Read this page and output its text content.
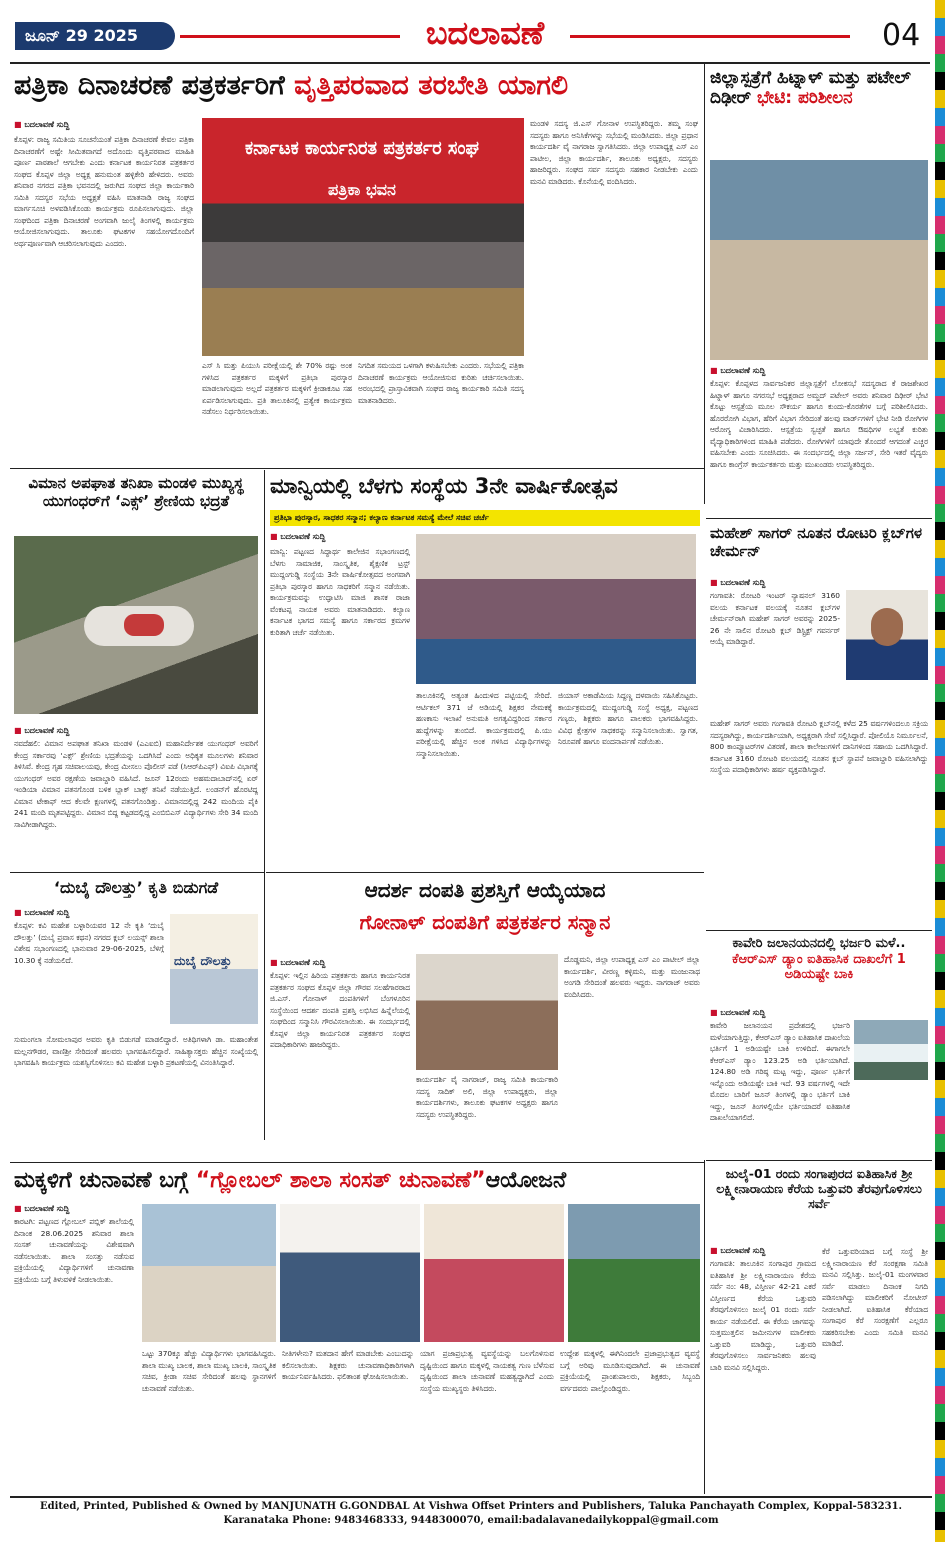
ಜೂನ್ 29 2025	ಬದಲಾವಣೆ	04
ಪತ್ರಿಕಾ ದಿನಾಚರಣೆ ಪತ್ರಕರ್ತರಿಗೆ ವೃತ್ತಿಪರವಾದ ತರಬೇತಿ ಯಾಗಲಿ
■ ಬದಲಾವಣೆ ಸುದ್ದಿ
ಕೊಪ್ಪಳ: ರಾಜ್ಯ ಸಮಿತಿಯ ಸೂಚನೆಯಂತೆ ಪತ್ರಿಕಾ ದಿನಾಚರಣೆ ಕೇವಲ ಪತ್ರಿಕಾ ದಿನಾಚರಣೆಗೆ ಅಷ್ಟೇ ಸೀಮಿತವಾಗದೆ ಅದೊಂದು ವೃತ್ತಿಪರವಾದ ಮಾಹಿತಿ ಪೂರ್ಣ ಪಾಠಶಾಲೆ ಆಗಬೇಕು ಎಂದು ಕರ್ನಾಟಕ ಕಾರ್ಯನಿರತ ಪತ್ರಕರ್ತರ ಸಂಘದ ಕೊಪ್ಪಳ ಜಿಲ್ಲಾ ಅಧ್ಯಕ್ಷ ಹನುಮಂತ ಹಳ್ಳಿಕೇರಿ ಹೇಳಿದರು. ಅವರು ಶನಿವಾರ ನಗರದ ಪತ್ರಿಕಾ ಭವನದಲ್ಲಿ ಜರುಗಿದ ಸಂಘದ ಜಿಲ್ಲಾ ಕಾರ್ಯಕಾರಿ ಸಮಿತಿ ಸದಸ್ಯರ ಸಭೆಯ ಅಧ್ಯಕ್ಷತೆ ವಹಿಸಿ ಮಾತನಾಡಿ ರಾಜ್ಯ ಸಂಘದ ಮಾರ್ಗಸೂಚಿ ಅಳವಡಿಸಿಕೊಂಡು ಕಾರ್ಯಕ್ರಮ ರೂಪಿಸಲಾಗುವುದು. ಜಿಲ್ಲಾ ಸಂಘದಿಂದ ಪತ್ರಿಕಾ ದಿನಾಚರಣೆ ಅಂಗವಾಗಿ ಜುಲೈ ತಿಂಗಳಲ್ಲಿ ಕಾರ್ಯಕ್ರಮ ಆಯೋಜಿಸಲಾಗುವುದು. ತಾಲೂಕು ಘಟಕಗಳ ಸಹಯೋಗದೊಂದಿಗೆ ಅರ್ಥಪೂರ್ಣವಾಗಿ ಆಚರಿಸಲಾಗುವುದು ಎಂದರು.
ಕರ್ನಾಟಕ ಕಾರ್ಯನಿರತ ಪತ್ರಕರ್ತರ ಸಂಘ
ಪತ್ರಿಕಾ ಭವನ
ಎಸ್ ಸಿ ಮತ್ತು ಪಿಯುಸಿ ಪರೀಕ್ಷೆಯಲ್ಲಿ ಶೇ 70% ರಷ್ಟು ಅಂಕ ಗಳಿಸಿದ ಪತ್ರಕರ್ತರ ಮಕ್ಕಳಿಗೆ ಪ್ರತಿಭಾ ಪುರಸ್ಕಾರ ಮಾಡಲಾಗುವುದು ಅಲ್ಲದೆ ಪತ್ರಕರ್ತರ ಮಕ್ಕಳಿಗೆ ಕ್ರೀಡಾಕೂಟ ಸಹ ಏರ್ಪಡಿಸಲಾಗುವುದು. ಪ್ರತಿ ತಾಲೂಕಿನಲ್ಲಿ ಪ್ರತ್ಯೇಕ ಕಾರ್ಯಕ್ರಮ ನಡೆಸಲು ನಿರ್ಧರಿಸಲಾಯಿತು.
ನಿಗದಿತ ಸಮಯದ ಒಳಗಾಗಿ ಕಳುಹಿಸಬೇಕು ಎಂದರು. ಸಭೆಯಲ್ಲಿ ಪತ್ರಿಕಾ ದಿನಾಚರಣೆ ಕಾರ್ಯಕ್ರಮ ಆಯೋಜಿಸುವ ಕುರಿತು ಚರ್ಚಿಸಲಾಯಿತು. ಅರಂಭದಲ್ಲಿ ಪ್ರಾಸ್ತಾವಿಕವಾಗಿ ಸಂಘದ ರಾಜ್ಯ ಕಾರ್ಯಕಾರಿ ಸಮಿತಿ ಸದಸ್ಯ ಮಾತನಾಡಿದರು.
ಮಂಡಳಿ ಸದಸ್ಯ ಜಿ.ಎಸ್ ಗೋನಾಳ ಉಪಸ್ಥಿತರಿದ್ದರು. ತಮ್ಮ ಸಂಘ ಸದಸ್ಯರು ಹಾಗೂ ಅನಿಸಿಕೆಗಳನ್ನು ಸಭೆಯಲ್ಲಿ ಮಂಡಿಸಿದರು. ಜಿಲ್ಲಾ ಪ್ರಧಾನ ಕಾರ್ಯದರ್ಶಿ ವೈ ನಾಗರಾಜ ಸ್ವಾಗತಿಸಿದರು. ಜಿಲ್ಲಾ ಉಪಾಧ್ಯಕ್ಷ ಎಸ್ ಎಂ ಪಾಟೀಲ, ಜಿಲ್ಲಾ ಕಾರ್ಯದರ್ಶಿ, ತಾಲೂಕು ಅಧ್ಯಕ್ಷರು, ಸದಸ್ಯರು ಹಾಜರಿದ್ದರು. ಸಂಘದ ಸರ್ವ ಸದಸ್ಯರು ಸಹಕಾರ ನೀಡಬೇಕು ಎಂದು ಮನವಿ ಮಾಡಿದರು. ಕೊನೆಯಲ್ಲಿ ವಂದಿಸಿದರು.
ಜಿಲ್ಲಾಸ್ಪತ್ರೆಗೆ ಹಿಟ್ನಾಳ್ ಮತ್ತು ಪಟೇಲ್ ದಿಢೀರ್ ಭೇಟಿ: ಪರಿಶೀಲನ
■ ಬದಲಾವಣೆ ಸುದ್ದಿ
ಕೊಪ್ಪಳ: ಕೊಪ್ಪಳದ ಸಾರ್ವಜನಿಕರ ಜಿಲ್ಲಾಸ್ಪತ್ರೆಗೆ ಲೋಕಸಭೆ ಸದಸ್ಯರಾದ ಕೆ ರಾಜಶೇಖರ ಹಿಟ್ನಾಳ್ ಹಾಗೂ ನಗರಸಭೆ ಅಧ್ಯಕ್ಷರಾದ ಅಮ್ಜದ್ ಪಟೇಲ್ ಅವರು ಶನಿವಾರ ದಿಢೀರ್ ಭೇಟಿ ಕೊಟ್ಟು ಆಸ್ಪತ್ರೆಯ ಮೂಲ ಸೌಕರ್ಯ ಹಾಗೂ ಕುಂದು-ಕೊರತೆಗಳ ಬಗ್ಗೆ ಪರಿಶೀಲಿಸಿದರು. ಹೊರರೋಗಿ ವಿಭಾಗ, ಹೆರಿಗೆ ವಿಭಾಗ ಸೇರಿದಂತೆ ಹಲವು ವಾರ್ಡ್‌ಗಳಿಗೆ ಭೇಟಿ ನೀಡಿ ರೋಗಿಗಳ ಆರೋಗ್ಯ ವಿಚಾರಿಸಿದರು. ಆಸ್ಪತ್ರೆಯ ಸ್ವಚ್ಛತೆ ಹಾಗೂ ಔಷಧಿಗಳ ಲಭ್ಯತೆ ಕುರಿತು ವೈದ್ಯಾಧಿಕಾರಿಗಳಿಂದ ಮಾಹಿತಿ ಪಡೆದರು. ರೋಗಿಗಳಿಗೆ ಯಾವುದೇ ತೊಂದರೆ ಆಗದಂತೆ ಎಚ್ಚರ ವಹಿಸಬೇಕು ಎಂದು ಸೂಚಿಸಿದರು. ಈ ಸಂದರ್ಭದಲ್ಲಿ ಜಿಲ್ಲಾ ಸರ್ಜನ್, ಸೇರಿ ಇತರೆ ವೈದ್ಯರು ಹಾಗೂ ಕಾಂಗ್ರೆಸ್ ಕಾರ್ಯಕರ್ತರು ಮತ್ತು ಮುಖಂಡರು ಉಪಸ್ಥಿತರಿದ್ದರು.
ವಿಮಾನ ಅಪಘಾತ ತನಿಖಾ ಮಂಡಳಿ ಮುಖ್ಯಸ್ಥ ಯುಗಂಧರ್‌ಗೆ ‘ಎಕ್ಸ್’ ಶ್ರೇಣಿಯ ಭದ್ರತೆ
■ ಬದಲಾವಣೆ ಸುದ್ದಿ
ನವದೆಹಲಿ: ವಿಮಾನ ಅಪಘಾತ ತನಿಖಾ ಮಂಡಳಿ (ಎಎಐಬಿ) ಮಹಾನಿರ್ದೇಶಕ ಯುಗಂಧರ್ ಅವರಿಗೆ ಕೇಂದ್ರ ಸರ್ಕಾರವು ‘ಎಕ್ಸ್’ ಶ್ರೇಣಿಯ ಭದ್ರತೆಯನ್ನು ಒದಗಿಸಿದೆ ಎಂದು ಅಧಿಕೃತ ಮೂಲಗಳು ಶನಿವಾರ ತಿಳಿಸಿವೆ. ಕೇಂದ್ರ ಗೃಹ ಸಚಿವಾಲಯವು, ಕೇಂದ್ರ ಮೀಸಲು ಪೊಲೀಸ್ ಪಡೆ (ಸಿಆರ್‌ಪಿಎಫ್) ವಿಐಪಿ ವಿಭಾಗಕ್ಕೆ ಯುಗಂಧರ್ ಅವರ ರಕ್ಷಣೆಯ ಜವಾಬ್ದಾರಿ ವಹಿಸಿದೆ. ಜೂನ್ 12ರಂದು ಅಹಮದಾಬಾದ್‌ನಲ್ಲಿ ಏರ್ ಇಂಡಿಯಾ ವಿಮಾನ ಪತನಗೊಂಡ ಬಳಿಕ ಬ್ಲಾಕ್ ಬಾಕ್ಸ್ ತನಿಖೆ ನಡೆಯುತ್ತಿದೆ. ಲಂಡನ್‌ಗೆ ಹೊರಟಿದ್ದ ವಿಮಾನ ಟೇಕಾಫ್ ಆದ ಕೆಲವೇ ಕ್ಷಣಗಳಲ್ಲಿ ಪತನಗೊಂಡಿತ್ತು. ವಿಮಾನದಲ್ಲಿದ್ದ 242 ಮಂದಿಯ ಪೈಕಿ 241 ಮಂದಿ ಮೃತಪಟ್ಟಿದ್ದರು. ವಿಮಾನ ಬಿದ್ದ ಕಟ್ಟಡದಲ್ಲಿದ್ದ ಎಂಬಿಬಿಎಸ್ ವಿದ್ಯಾರ್ಥಿಗಳು ಸೇರಿ 34 ಮಂದಿ ಸಾವಿಗೀಡಾಗಿದ್ದರು.
ಮಾನ್ವಿಯಲ್ಲಿ ಬೆಳಗು ಸಂಸ್ಥೆಯ 3ನೇ ವಾರ್ಷಿಕೋತ್ಸವ
ಪ್ರತಿಭಾ ಪುರಸ್ಕಾರ, ಸಾಧಕರ ಸನ್ಮಾನ; ಕಲ್ಯಾಣ ಕರ್ನಾಟಕ ಸಮಸ್ಯೆ ಮೇಲೆ ಸಚಿವ ಚರ್ಚೆ
■ ಬದಲಾವಣೆ ಸುದ್ದಿ
ಮಾನ್ವಿ: ಪಟ್ಟಣದ ಸಿದ್ಧಾರ್ಥ ಕಾಲೇಜಿನ ಸಭಾಂಗಣದಲ್ಲಿ ಬೆಳಗು ಸಾಮಾಜಿಕ, ಸಾಂಸ್ಕೃತಿಕ, ಶೈಕ್ಷಣಿಕ ಟ್ರಸ್ಟ್ ಮುದ್ದಂಗುಡ್ಡಿ ಸಂಸ್ಥೆಯ 3ನೇ ವಾರ್ಷಿಕೋತ್ಸವದ ಅಂಗವಾಗಿ ಪ್ರತಿಭಾ ಪುರಸ್ಕಾರ ಹಾಗೂ ಸಾಧಕರಿಗೆ ಸನ್ಮಾನ ನಡೆಯಿತು. ಕಾರ್ಯಕ್ರಮವನ್ನು ಉದ್ಘಾಟಿಸಿ ಮಾಜಿ ಶಾಸಕ ರಾಜಾ ವೆಂಕಟಪ್ಪ ನಾಯಕ ಅವರು ಮಾತನಾಡಿದರು. ಕಲ್ಯಾಣ ಕರ್ನಾಟಕ ಭಾಗದ ಸಮಸ್ಯೆ ಹಾಗೂ ಸರ್ಕಾರದ ಕ್ರಮಗಳ ಕುರಿತಾಗಿ ಚರ್ಚೆ ನಡೆಯಿತು.
ತಾಲೂಕಿನಲ್ಲಿ ಅತ್ಯಂತ ಹಿಂದುಳಿದ ಪಟ್ಟಿಯಲ್ಲಿ ಸೇರಿದೆ. ಆರ್ಟಿಕಲ್ 371 ಜೆ ಅಡಿಯಲ್ಲಿ ಶಿಕ್ಷಕರ ನೇಮಕಕ್ಕೆ ಹಣಕಾಸು ಇಲಾಖೆ ಅನುಮತಿ ಅಗತ್ಯವಿದ್ದರಿಂದ ಸರ್ಕಾರ ಹುದ್ದೆಗಳನ್ನು ತುಂಬಿದೆ. ಕಾರ್ಯಕ್ರಮದಲ್ಲಿ ಪಿ.ಯು ಪರೀಕ್ಷೆಯಲ್ಲಿ ಹೆಚ್ಚಿನ ಅಂಕ ಗಳಿಸಿದ ವಿದ್ಯಾರ್ಥಿಗಳನ್ನು ಸನ್ಮಾನಿಸಲಾಯಿತು.
ಜಿಯಾಸ್ ಅಕಾಡೆಮಿಯ ಸಿದ್ದಣ್ಣ ದಳವಾಯಿ ಸಹಿಸಿಕೊಟ್ಟರು. ಕಾರ್ಯಕ್ರಮದಲ್ಲಿ ಮುದ್ದಂಗುಡ್ಡಿ ಸಂಸ್ಥೆ ಅಧ್ಯಕ್ಷ, ಪಟ್ಟಣದ ಗಣ್ಯರು, ಶಿಕ್ಷಕರು ಹಾಗೂ ಪಾಲಕರು ಭಾಗವಹಿಸಿದ್ದರು. ವಿವಿಧ ಕ್ಷೇತ್ರಗಳ ಸಾಧಕರನ್ನು ಸನ್ಮಾನಿಸಲಾಯಿತು. ಸ್ವಾಗತ, ನಿರೂಪಣೆ ಹಾಗೂ ವಂದನಾರ್ಪಣೆ ನಡೆಯಿತು.
ಮಹೇಶ್ ಸಾಗರ್ ನೂತನ ರೋಟರಿ ಕ್ಲಬ್‌ಗಳ ಚೇರ್ಮನ್
■ ಬದಲಾವಣೆ ಸುದ್ದಿ
ಗಂಗಾವತಿ: ರೋಟರಿ ಇಂಟರ್ ನ್ಯಾಷನಲ್ 3160 ವಲಯ ಕರ್ನಾಟಕ ವಲಯಕ್ಕೆ ನೂತನ ಕ್ಲಬ್‌ಗಳ ಚೇರ್ಮನ್‌ರಾಗಿ ಮಹೇಶ್ ಸಾಗರ್ ಅವರನ್ನು 2025-26 ನೇ ಸಾಲಿನ ರೋಟರಿ ಕ್ಲಬ್ ಡಿಸ್ಟ್ರಿಕ್ಟ್ ಗವರ್ನರ್ ಆಯ್ಕೆ ಮಾಡಿದ್ದಾರೆ.
ಮಹೇಶ್ ಸಾಗರ್ ಅವರು ಗಂಗಾವತಿ ರೋಟರಿ ಕ್ಲಬ್‌ನಲ್ಲಿ ಕಳೆದ 25 ವರ್ಷಗಳಿಂದಲೂ ಸಕ್ರಿಯ ಸದಸ್ಯರಾಗಿದ್ದು, ಕಾರ್ಯದರ್ಶಿಯಾಗಿ, ಅಧ್ಯಕ್ಷರಾಗಿ ಸೇವೆ ಸಲ್ಲಿಸಿದ್ದಾರೆ. ಪೋಲಿಯೊ ನಿರ್ಮೂಲನೆ, 800 ಕಾಂಪ್ಯೂಟರ್‌ಗಳ ವಿತರಣೆ, ಶಾಲಾ ಕಾಲೇಜುಗಳಿಗೆ ದಾನಿಗಳಿಂದ ಸಹಾಯ ಒದಗಿಸಿದ್ದಾರೆ. ಕರ್ನಾಟಕ 3160 ರೋಟರಿ ವಲಯದಲ್ಲಿ ನೂತನ ಕ್ಲಬ್ ಸ್ಥಾಪನೆ ಜವಾಬ್ದಾರಿ ವಹಿಸಲಾಗಿದ್ದು ಸಂಸ್ಥೆಯ ಪದಾಧಿಕಾರಿಗಳು ಹರ್ಷ ವ್ಯಕ್ತಪಡಿಸಿದ್ದಾರೆ.
ಕಾವೇರಿ ಜಲಾನಯನದಲ್ಲಿ ಭರ್ಜರಿ ಮಳೆ.. ಕೆಆರ್‌ಎಸ್ ಡ್ಯಾಂ ಐತಿಹಾಸಿಕ ದಾಖಲೆಗೆ 1 ಅಡಿಯಷ್ಟೇ ಬಾಕಿ
■ ಬದಲಾವಣೆ ಸುದ್ದಿ
ಕಾವೇರಿ ಜಲಾನಯನ ಪ್ರದೇಶದಲ್ಲಿ ಭರ್ಜರಿ ಮಳೆಯಾಗುತ್ತಿದ್ದು, ಕೆಆರ್‌ಎಸ್ ಡ್ಯಾಂ ಐತಿಹಾಸಿಕ ದಾಖಲೆಯ ಭರ್ತಿಗೆ 1 ಅಡಿಯಷ್ಟೇ ಬಾಕಿ ಉಳಿದಿದೆ. ಈಗಾಗಲೇ ಕೆಆರ್‌ಎಸ್ ಡ್ಯಾಂ 123.25 ಅಡಿ ಭರ್ತಿಯಾಗಿದೆ. 124.80 ಅಡಿ ಗರಿಷ್ಠ ಮಟ್ಟ ಇದ್ದು, ಪೂರ್ಣ ಭರ್ತಿಗೆ ಇನ್ನೊಂದು ಅಡಿಯಷ್ಟೇ ಬಾಕಿ ಇದೆ. 93 ವರ್ಷಗಳಲ್ಲಿ ಇದೇ ಮೊದಲ ಬಾರಿಗೆ ಜೂನ್ ತಿಂಗಳಲ್ಲಿ ಡ್ಯಾಂ ಭರ್ತಿಗೆ ಬಾಕಿ ಇದ್ದು, ಜೂನ್ ತಿಂಗಳಲ್ಲಿಯೇ ಭರ್ತಿಯಾದರೆ ಐತಿಹಾಸಿಕ ದಾಖಲೆಯಾಗಲಿದೆ.
‘ದುಬೈ ದೌಲತ್ತು’ ಕೃತಿ ಬಿಡುಗಡೆ
■ ಬದಲಾವಣೆ ಸುದ್ದಿ
ಕೊಪ್ಪಳ: ಕವಿ ಮಹೇಶ ಬಳ್ಳಾರಿಯವರ 12 ನೇ ಕೃತಿ ‘ದುಬೈ ದೌಲತ್ತು’ (ದುಬೈ ಪ್ರವಾಸ ಕಥನ) ನಗರದ ಕ್ಲಬ್ ಲಯನ್ಸ್ ಶಾಲಾ ವಿಶೇಷ ಸಭಾಂಗಣದಲ್ಲಿ ಭಾನುವಾರ 29-06-2025, ಬೆಳಿಗ್ಗೆ 10.30 ಕ್ಕೆ ನಡೆಯಲಿದೆ.	ದುಬೈ ದೌಲತ್ತು
ಸುಮಂಗಲಾ ಸೋಮಲಾಪುರ ಅವರು ಕೃತಿ ಬಿಡುಗಡೆ ಮಾಡಲಿದ್ದಾರೆ. ಅತಿಥಿಗಳಾಗಿ ಡಾ. ಮಹಾಂತೇಶ ಮಲ್ಲನಗೌಡರ, ವಾಣಿಶ್ರೀ ಸೇರಿದಂತೆ ಹಲವರು ಭಾಗವಹಿಸಲಿದ್ದಾರೆ. ಸಾಹಿತ್ಯಾಸಕ್ತರು ಹೆಚ್ಚಿನ ಸಂಖ್ಯೆಯಲ್ಲಿ ಭಾಗವಹಿಸಿ ಕಾರ್ಯಕ್ರಮ ಯಶಸ್ವಿಗೊಳಿಸಲು ಕವಿ ಮಹೇಶ ಬಳ್ಳಾರಿ ಪ್ರಕಟಣೆಯಲ್ಲಿ ವಿನಂತಿಸಿದ್ದಾರೆ.
ಆದರ್ಶ ದಂಪತಿ ಪ್ರಶಸ್ತಿಗೆ ಆಯ್ಕೆಯಾದ
ಗೋನಾಳ್ ದಂಪತಿಗೆ ಪತ್ರಕರ್ತರ ಸನ್ಮಾನ
■ ಬದಲಾವಣೆ ಸುದ್ದಿ
ಕೊಪ್ಪಳ: ಇಲ್ಲಿನ ಹಿರಿಯ ಪತ್ರಕರ್ತರು ಹಾಗೂ ಕಾರ್ಯನಿರತ ಪತ್ರಕರ್ತರ ಸಂಘದ ಕೊಪ್ಪಳ ಜಿಲ್ಲಾ ಗೌರವ ಸಲಹೆಗಾರರಾದ ಜಿ.ಎಸ್. ಗೋನಾಳ್ ದಂಪತಿಗಳಿಗೆ ಬೆಂಗಳೂರಿನ ಸಂಸ್ಥೆಯಿಂದ ಆದರ್ಶ ದಂಪತಿ ಪ್ರಶಸ್ತಿ ಲಭಿಸಿದ ಹಿನ್ನೆಲೆಯಲ್ಲಿ ಸಂಘದಿಂದ ಸನ್ಮಾನಿಸಿ ಗೌರವಿಸಲಾಯಿತು. ಈ ಸಂದರ್ಭದಲ್ಲಿ ಕೊಪ್ಪಳ ಜಿಲ್ಲಾ ಕಾರ್ಯನಿರತ ಪತ್ರಕರ್ತರ ಸಂಘದ ಪದಾಧಿಕಾರಿಗಳು ಹಾಜರಿದ್ದರು.
ಕಾರ್ಯದರ್ಶಿ ವೈ ನಾಗರಾಜ್, ರಾಜ್ಯ ಸಮಿತಿ ಕಾರ್ಯಕಾರಿ ಸದಸ್ಯ ಸಾದಿಕ್ ಅಲಿ, ಜಿಲ್ಲಾ ಉಪಾಧ್ಯಕ್ಷರು, ಜಿಲ್ಲಾ ಕಾರ್ಯದರ್ಶಿಗಳು, ತಾಲೂಕು ಘಟಕಗಳ ಅಧ್ಯಕ್ಷರು ಹಾಗೂ ಸದಸ್ಯರು ಉಪಸ್ಥಿತರಿದ್ದರು.
ದೊಡ್ಡಮನಿ, ಜಿಲ್ಲಾ ಉಪಾಧ್ಯಕ್ಷ ಎಸ್ ಎಂ ಪಾಟೀಲ್ ಜಿಲ್ಲಾ ಕಾರ್ಯದರ್ಶಿ, ವೀರಣ್ಣ ಕಳ್ಳಿಮನಿ, ಮತ್ತು ಮಂಜುನಾಥ ಅಂಗಡಿ ಸೇರಿದಂತೆ ಹಲವರು ಇದ್ದರು. ನಾಗರಾಜ್ ಅವರು ವಂದಿಸಿದರು.
ಮಕ್ಕಳಿಗೆ ಚುನಾವಣೆ ಬಗ್ಗೆ “ಗ್ಲೋಬಲ್ ಶಾಲಾ ಸಂಸತ್ ಚುನಾವಣೆ”ಆಯೋಜನೆ
■ ಬದಲಾವಣೆ ಸುದ್ದಿ
ಕಾರಟಗಿ: ಪಟ್ಟಣದ ಗ್ಲೋಬಲ್ ಪಬ್ಲಿಕ್ ಶಾಲೆಯಲ್ಲಿ ದಿನಾಂಕ 28.06.2025 ಶನಿವಾರ ಶಾಲಾ ಸಂಸತ್ ಚುನಾವಣೆಯನ್ನು ವಿಶೇಷವಾಗಿ ನಡೆಸಲಾಯಿತು. ಶಾಲಾ ಸಂಸತ್ತು ನಡೆಸುವ ಪ್ರಕ್ರಿಯೆಯಲ್ಲಿ ವಿದ್ಯಾರ್ಥಿಗಳಿಗೆ ಚುನಾವಣಾ ಪ್ರಕ್ರಿಯೆಯ ಬಗ್ಗೆ ತಿಳುವಳಿಕೆ ನೀಡಲಾಯಿತು.
ಒಟ್ಟು 370ಕ್ಕೂ ಹೆಚ್ಚು ವಿದ್ಯಾರ್ಥಿಗಳು ಭಾಗವಹಿಸಿದ್ದರು. ಶಾಲಾ ಮುಖ್ಯ ಬಾಲಕ, ಶಾಲಾ ಮುಖ್ಯ ಬಾಲಕಿ, ಸಾಂಸ್ಕೃತಿಕ ಸಚಿವ, ಕ್ರೀಡಾ ಸಚಿವ ಸೇರಿದಂತೆ ಹಲವು ಸ್ಥಾನಗಳಿಗೆ ಚುನಾವಣೆ ನಡೆಯಿತು.
ನೀತಿಗಳೇನು? ಮತದಾನ ಹೇಗೆ ಮಾಡಬೇಕು ಎಂಬುದನ್ನು ಕಲಿಸಲಾಯಿತು. ಶಿಕ್ಷಕರು ಚುನಾವಣಾಧಿಕಾರಿಗಳಾಗಿ ಕಾರ್ಯನಿರ್ವಹಿಸಿದರು. ಫಲಿತಾಂಶ ಘೋಷಿಸಲಾಯಿತು.
ಯಾಗ ಪ್ರಜಾಪ್ರಭುತ್ವ ವ್ಯವಸ್ಥೆಯನ್ನು ಬಲಗೊಳಿಸುವ ದೃಷ್ಟಿಯಿಂದ ಹಾಗೂ ಮಕ್ಕಳಲ್ಲಿ ನಾಯಕತ್ವ ಗುಣ ಬೆಳೆಸುವ ದೃಷ್ಟಿಯಿಂದ ಶಾಲಾ ಚುನಾವಣೆ ಮಹತ್ವದ್ದಾಗಿದೆ ಎಂದು ಸಂಸ್ಥೆಯ ಮುಖ್ಯಸ್ಥರು ತಿಳಿಸಿದರು.
ಉದ್ದೇಶ ಮಕ್ಕಳಲ್ಲಿ ಈಗಿನಿಂದಲೇ ಪ್ರಜಾಪ್ರಭುತ್ವದ ವ್ಯವಸ್ಥೆ ಬಗ್ಗೆ ಅರಿವು ಮೂಡಿಸುವುದಾಗಿದೆ. ಈ ಚುನಾವಣೆ ಪ್ರಕ್ರಿಯೆಯಲ್ಲಿ ಪ್ರಾಂಶುಪಾಲರು, ಶಿಕ್ಷಕರು, ಸಿಬ್ಬಂದಿ ವರ್ಗದವರು ಪಾಲ್ಗೊಂಡಿದ್ದರು.
ಜುಲೈ-01 ರಂದು ಸಂಗಾಪುರದ ಐತಿಹಾಸಿಕ ಶ್ರೀ ಲಕ್ಷ್ಮೀನಾರಾಯಣ ಕೆರೆಯ ಒತ್ತುವರಿ ತೆರವುಗೊಳಿಸಲು ಸರ್ವೆ
■ ಬದಲಾವಣೆ ಸುದ್ದಿ
ಗಂಗಾವತಿ: ತಾಲೂಕಿನ ಸಂಗಾಪುರ ಗ್ರಾಮದ ಐತಿಹಾಸಿಕ ಶ್ರೀ ಲಕ್ಷ್ಮೀನಾರಾಯಣ ಕೆರೆಯ ಸರ್ವೆ ನಂ: 48, ವಿಸ್ತೀರ್ಣ 42-21 ಎಕರೆ ವಿಸ್ತೀರ್ಣದ ಕೆರೆಯ ಒತ್ತುವರಿ ತೆರವುಗೊಳಿಸಲು ಜುಲೈ 01 ರಂದು ಸರ್ವೆ ಕಾರ್ಯ ನಡೆಯಲಿದೆ. ಈ ಕೆರೆಯ ಜಾಗವನ್ನು ಸುತ್ತಮುತ್ತಲಿನ ಜಮೀನುಗಳ ಮಾಲೀಕರು ಒತ್ತುವರಿ ಮಾಡಿದ್ದು, ಒತ್ತುವರಿ ತೆರವುಗೊಳಿಸಲು ಸಾರ್ವಜನಿಕರು ಹಲವು ಬಾರಿ ಮನವಿ ಸಲ್ಲಿಸಿದ್ದರು.
ಕೆರೆ ಒತ್ತುವರಿಯಾದ ಬಗ್ಗೆ ಸಂಸ್ಥೆ ಶ್ರೀ ಲಕ್ಷ್ಮೀನಾರಾಯಣ ಕೆರೆ ಸಂರಕ್ಷಣಾ ಸಮಿತಿ ಮನವಿ ಸಲ್ಲಿಸಿತ್ತು. ಜುಲೈ-01 ಮಂಗಳವಾರ ಸರ್ವೆ ಮಾಡಲು ದಿನಾಂಕ ನಿಗದಿ ಪಡಿಸಲಾಗಿದ್ದು ಮಾಲೀಕರಿಗೆ ನೋಟೀಸ್ ನೀಡಲಾಗಿದೆ. ಐತಿಹಾಸಿಕ ಕೆರೆಯಾದ ಸಂಗಾಪುರ ಕೆರೆ ಸಂರಕ್ಷಣೆಗೆ ಎಲ್ಲರೂ ಸಹಕರಿಸಬೇಕು ಎಂದು ಸಮಿತಿ ಮನವಿ ಮಾಡಿದೆ.
Edited, Printed, Published & Owned by MANJUNATH G.GONDBAL At Vishwa Offset Printers and Publishers, Taluka Panchayath Complex, Koppal-583231.
Karanataka Phone: 9483468333, 9448300070, email:badalavanedailykoppal@gmail.com
